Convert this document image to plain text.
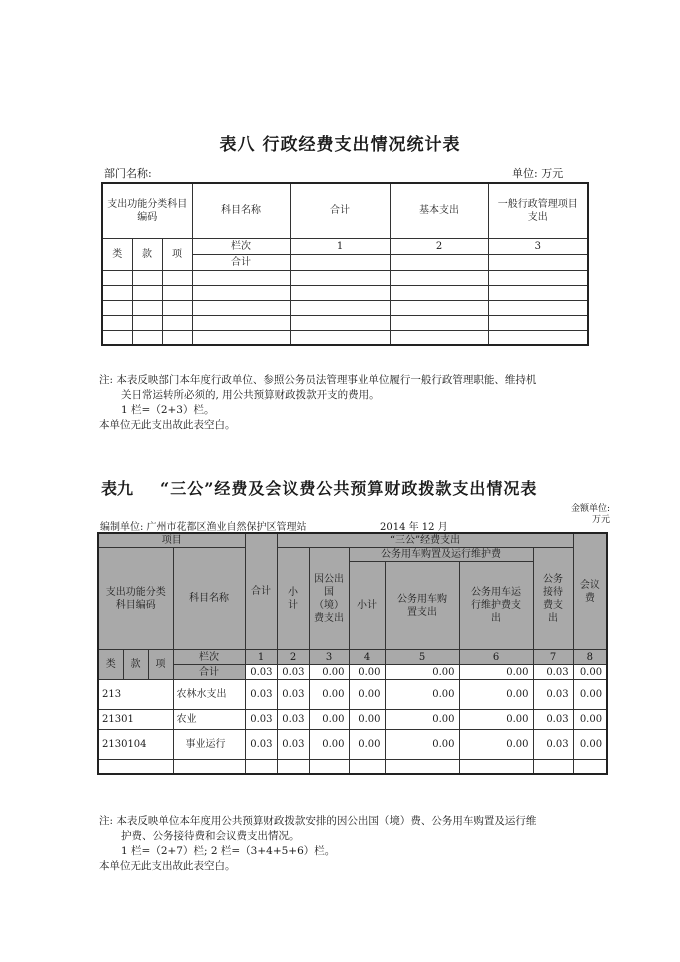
表八 行政经费支出情况统计表
部门名称:	单位: 万元
支出功能分类科目编码			科目名称	合计	基本支出	一般行政管理项目支出
类	款	项	栏次	1	2	3
			合计			

注: 本表反映部门本年度行政单位、参照公务员法管理事业单位履行一般行政管理职能、维持机
关日常运转所必须的, 用公共预算财政拨款开支的费用。
1 栏=（2+3）栏。
本单位无此支出故此表空白。
表九 “三公”经费及会议费公共预算财政拨款支出情况表
金额单位: 万元
编制单位: 广州市花都区渔业自然保护区管理站	2014 年 12 月
项目				合计	“三公”经费支出						会议费
支出功能分类科目编码			科目名称		小计	因公出国（境）费支出	公务用车购置及运行维护费			公务接待费支出	
							小计	公务用车购置支出	公务用车运行维护费支出		
类	款	项	栏次	1	2	3	4	5	6	7	8
			合计	0.03	0.03	0.00	0.00	0.00	0.00	0.03	0.00
213			农林水支出	0.03	0.03	0.00	0.00	0.00	0.00	0.03	0.00
21301			农业	0.03	0.03	0.00	0.00	0.00	0.00	0.03	0.00
2130104			事业运行	0.03	0.03	0.00	0.00	0.00	0.00	0.03	0.00

注: 本表反映单位本年度用公共预算财政拨款安排的因公出国（境）费、公务用车购置及运行维
护费、公务接待费和会议费支出情况。
1 栏=（2+7）栏; 2 栏=（3+4+5+6）栏。
本单位无此支出故此表空白。
